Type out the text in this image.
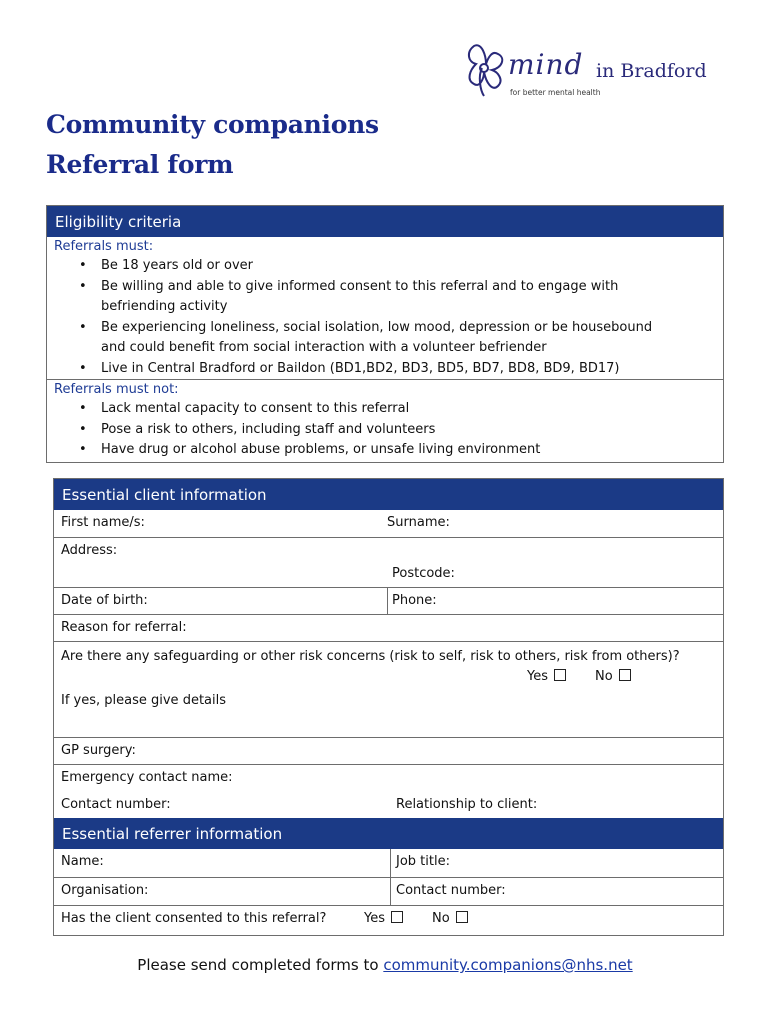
mind in Bradford
for better mental health
Community companions
Referral form
Eligibility criteria
Referrals must:
• Be 18 years old or over
• Be willing and able to give informed consent to this referral and to engage with befriending activity
• Be experiencing loneliness, social isolation, low mood, depression or be housebound and could benefit from social interaction with a volunteer befriender
• Live in Central Bradford or Baildon (BD1,BD2, BD3, BD5, BD7, BD8, BD9, BD17)
Referrals must not:
• Lack mental capacity to consent to this referral
• Pose a risk to others, including staff and volunteers
• Have drug or alcohol abuse problems, or unsafe living environment
Essential client information
First name/s:	Surname:
Address:
Postcode:
Date of birth:	Phone:
Reason for referral:
Are there any safeguarding or other risk concerns (risk to self, risk to others, risk from others)?
Yes	No
If yes, please give details
GP surgery:
Emergency contact name:
Contact number:	Relationship to client:
Essential referrer information
Name:	Job title:
Organisation:	Contact number:
Has the client consented to this referral?	Yes	No
Please send completed forms to community.companions@nhs.net
